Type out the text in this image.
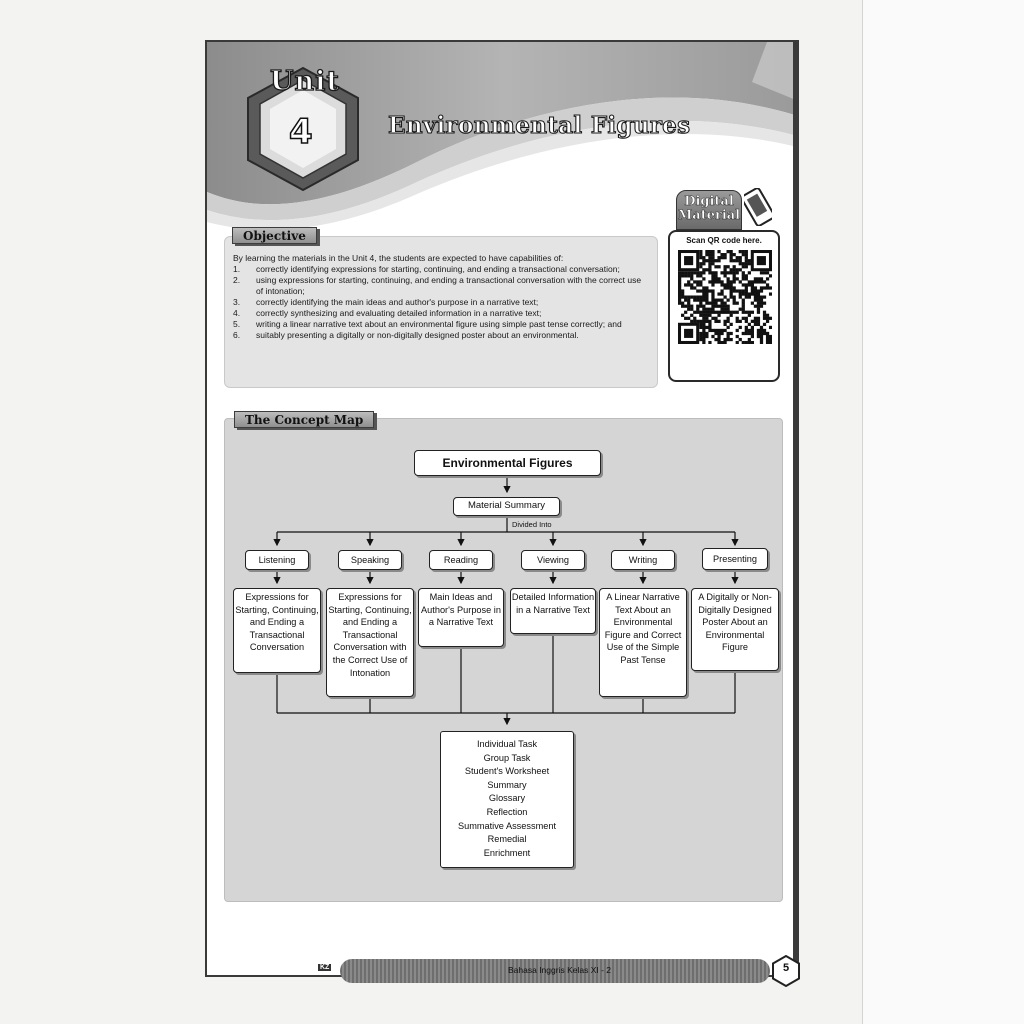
Unit
4	Environmental Figures
Digital
Material
Scan QR code here.

By learning the materials in the Unit 4, the students are expected to have capabilities of:

1.	correctly identifying expressions for starting, continuing, and ending a transactional conversation;
2.	using expressions for starting, continuing, and ending a transactional conversation with the correct use of intonation;
3.	correctly identifying the main ideas and author's purpose in a narrative text;
4.	correctly synthesizing and evaluating detailed information in a narrative text;
5.	writing a linear narrative text about an environmental figure using simple past tense correctly; and
6.	suitably presenting a digitally or non-digitally designed poster about an environmental.
Objective
The Concept Map
Environmental Figures
Material Summary
Divided Into
Listening	Speaking	Reading	Viewing	Writing	Presenting
Expressions for Starting, Continuing, and Ending a Transactional Conversation
Expressions for Starting, Continuing, and Ending a Transactional Conversation with the Correct Use of Intonation
Main Ideas and Author's Purpose in a Narrative Text
Detailed Information in a Narrative Text
A Linear Narrative Text About an Environmental Figure and Correct Use of the Simple Past Tense
A Digitally or Non-Digitally Designed Poster About an Environmental Figure
Individual Task
Group Task
Student's Worksheet
Summary
Glossary
Reflection
Summative Assessment
Remedial
Enrichment
KZ	Bahasa Inggris Kelas XI - 2	5
